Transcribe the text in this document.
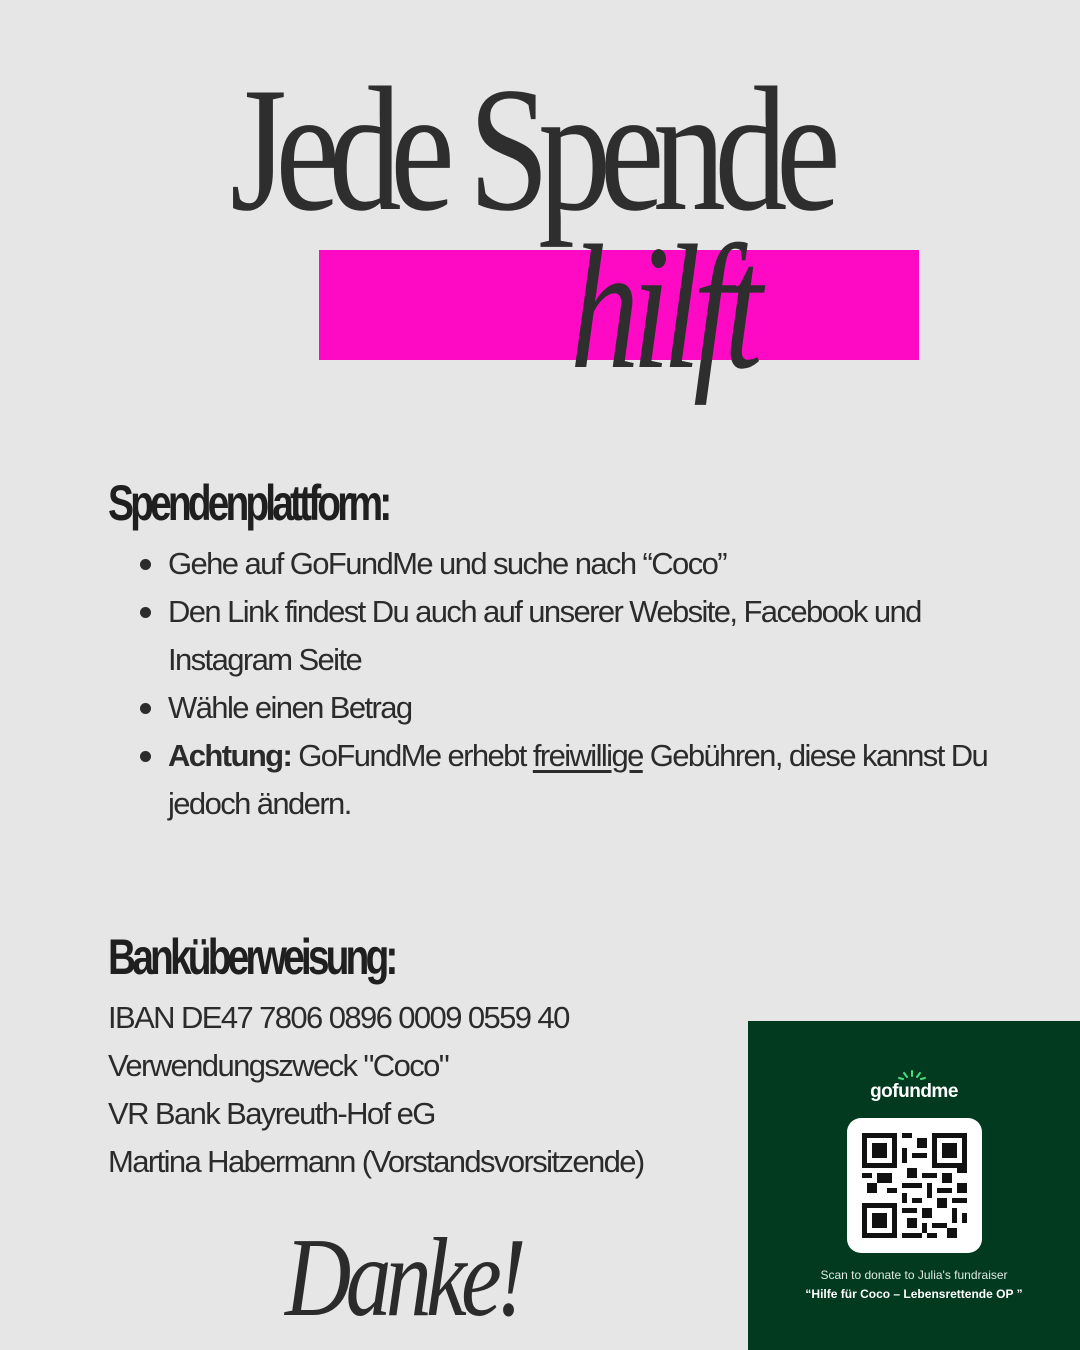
Jede Spende
hilft
Spendenplattform:
Gehe auf GoFundMe und suche nach “Coco”
Den Link findest Du auch auf unserer Website, Facebook und Instagram Seite
Wähle einen Betrag
Achtung: GoFundMe erhebt freiwillige Gebühren, diese kannst Du jedoch ändern.
Banküberweisung:
IBAN DE47 7806 0896 0009 0559 40
Verwendungszweck "Coco"
VR Bank Bayreuth-Hof eG
Martina Habermann (Vorstandsvorsitzende)
Danke!
gofundme
Scan to donate to Julia's fundraiser
“Hilfe für Coco – Lebensrettende OP ”
